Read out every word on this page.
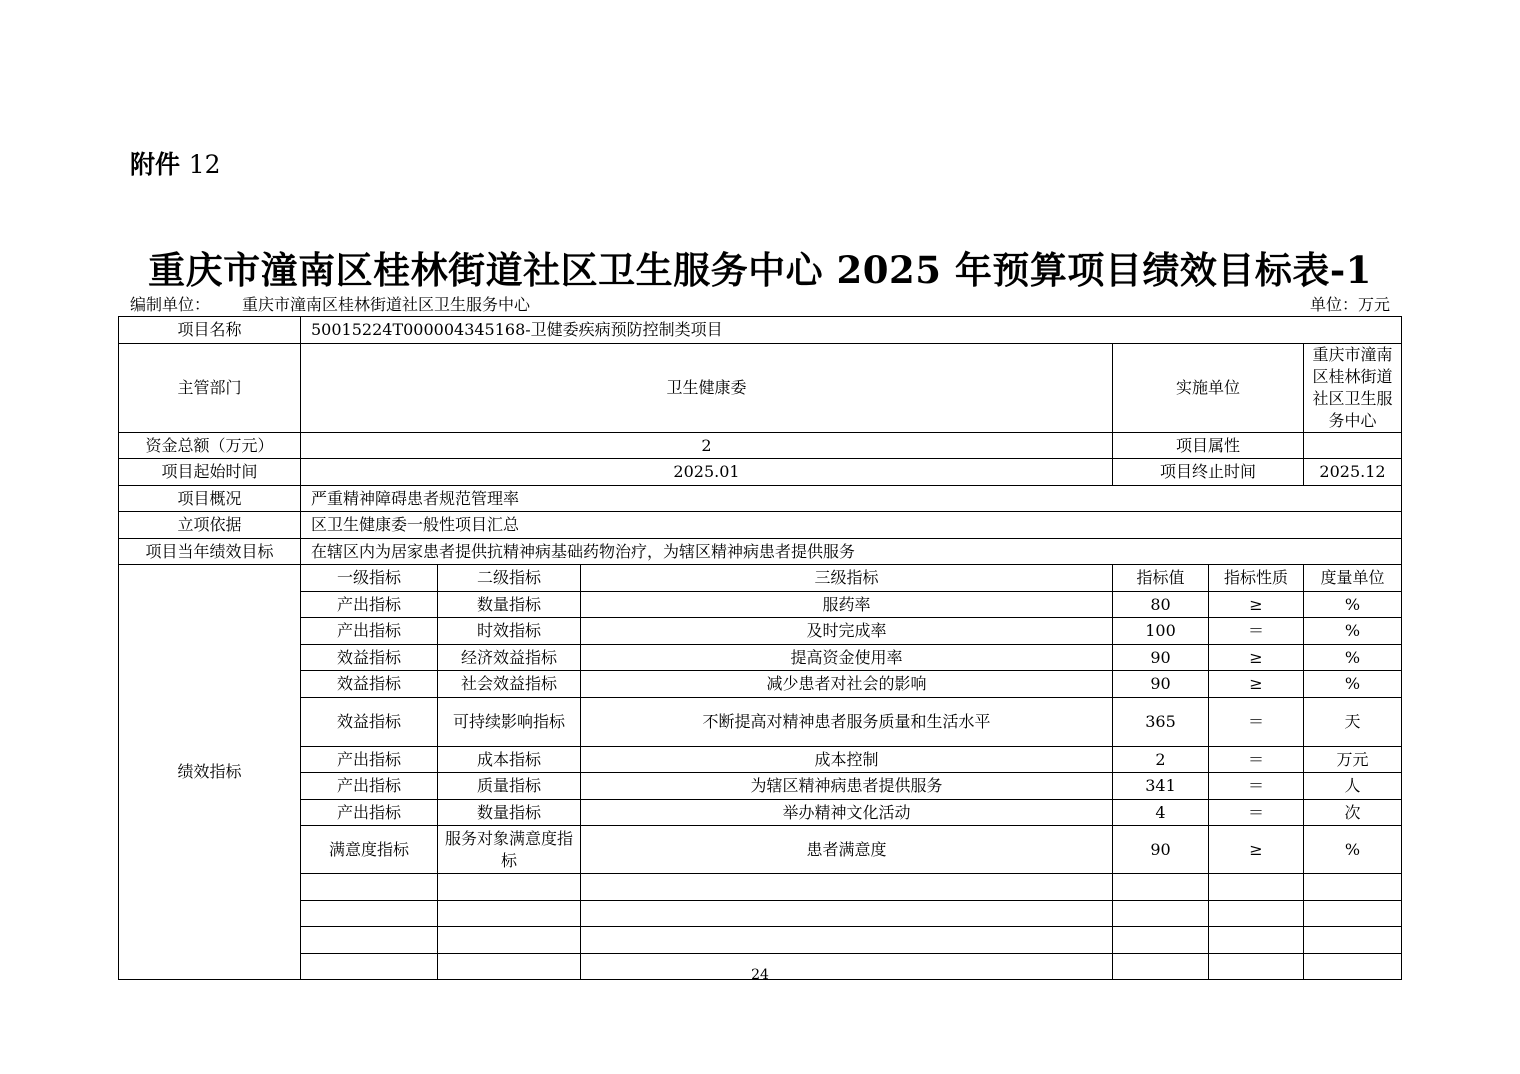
附件 12
重庆市潼南区桂林街道社区卫生服务中心 2025 年预算项目绩效目标表-1
编制单位： 重庆市潼南区桂林街道社区卫生服务中心	单位：万元
项目名称	50015224T000004345168-卫健委疾病预防控制类项目					
主管部门	卫生健康委			实施单位		重庆市潼南区桂林街道社区卫生服务中心
资金总额（万元）	2			项目属性		
项目起始时间	2025.01			项目终止时间		2025.12
项目概况	严重精神障碍患者规范管理率					
立项依据	区卫生健康委一般性项目汇总					
项目当年绩效目标	在辖区内为居家患者提供抗精神病基础药物治疗，为辖区精神病患者提供服务					
绩效指标	一级指标	二级指标	三级指标	指标值	指标性质	度量单位
	产出指标	数量指标	服药率	80	≥	%
	产出指标	时效指标	及时完成率	100	＝	%
	效益指标	经济效益指标	提高资金使用率	90	≥	%
	效益指标	社会效益指标	减少患者对社会的影响	90	≥	%
	效益指标	可持续影响指标	不断提高对精神患者服务质量和生活水平	365	＝	天
	产出指标	成本指标	成本控制	2	＝	万元
	产出指标	质量指标	为辖区精神病患者提供服务	341	＝	人
	产出指标	数量指标	举办精神文化活动	4	＝	次
	满意度指标	服务对象满意度指标	患者满意度	90	≥	%

24
